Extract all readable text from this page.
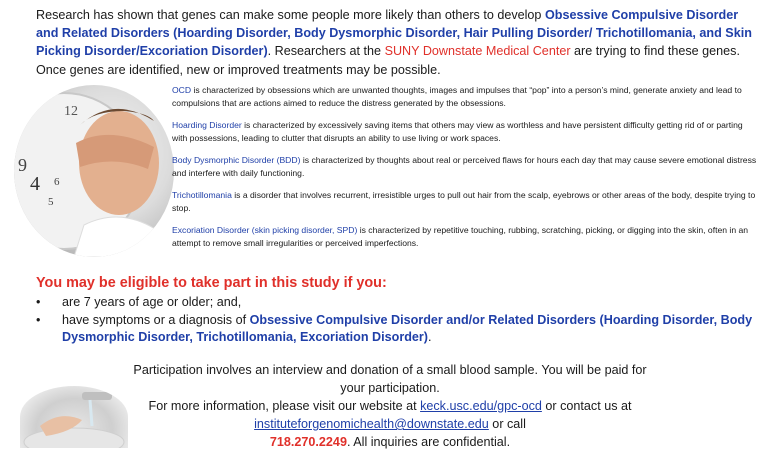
Research has shown that genes can make some people more likely than others to develop Obsessive Compulsive Disorder and Related Disorders (Hoarding Disorder, Body Dysmorphic Disorder, Hair Pulling Disorder/ Trichotillomania, and Skin Picking Disorder/Excoriation Disorder). Researchers at the SUNY Downstate Medical Center are trying to find these genes. Once genes are identified, new or improved treatments may be possible.

12
9
4 6
5

OCD is characterized by obsessions which are unwanted thoughts, images and impulses that “pop” into a person’s mind, generate anxiety and lead to compulsions that are actions aimed to reduce the distress generated by the obsessions.

Hoarding Disorder is characterized by excessively saving items that others may view as worthless and have persistent difficulty getting rid of or parting with possessions, leading to clutter that disrupts an ability to use living or work spaces.

Body Dysmorphic Disorder (BDD) is characterized by thoughts about real or perceived flaws for hours each day that may cause severe emotional distress and interfere with daily functioning.

Trichotillomania is a disorder that involves recurrent, irresistible urges to pull out hair from the scalp, eyebrows or other areas of the body, despite trying to stop.

Excoriation Disorder (skin picking disorder, SPD) is characterized by repetitive touching, rubbing, scratching, picking, or digging into the skin, often in an attempt to remove small irregularities or perceived imperfections.

You may be eligible to take part in this study if you:
• are 7 years of age or older; and,
• have symptoms or a diagnosis of Obsessive Compulsive Disorder and/or Related Disorders (Hoarding Disorder, Body Dysmorphic Disorder, Trichotillomania, Excoriation Disorder).
Participation involves an interview and donation of a small blood sample. You will be paid for your participation.
For more information, please visit our website at keck.usc.edu/gpc-ocd or contact us at
instituteforgenomichealth@downstate.edu or call
718.270.2249. All inquiries are confidential.
